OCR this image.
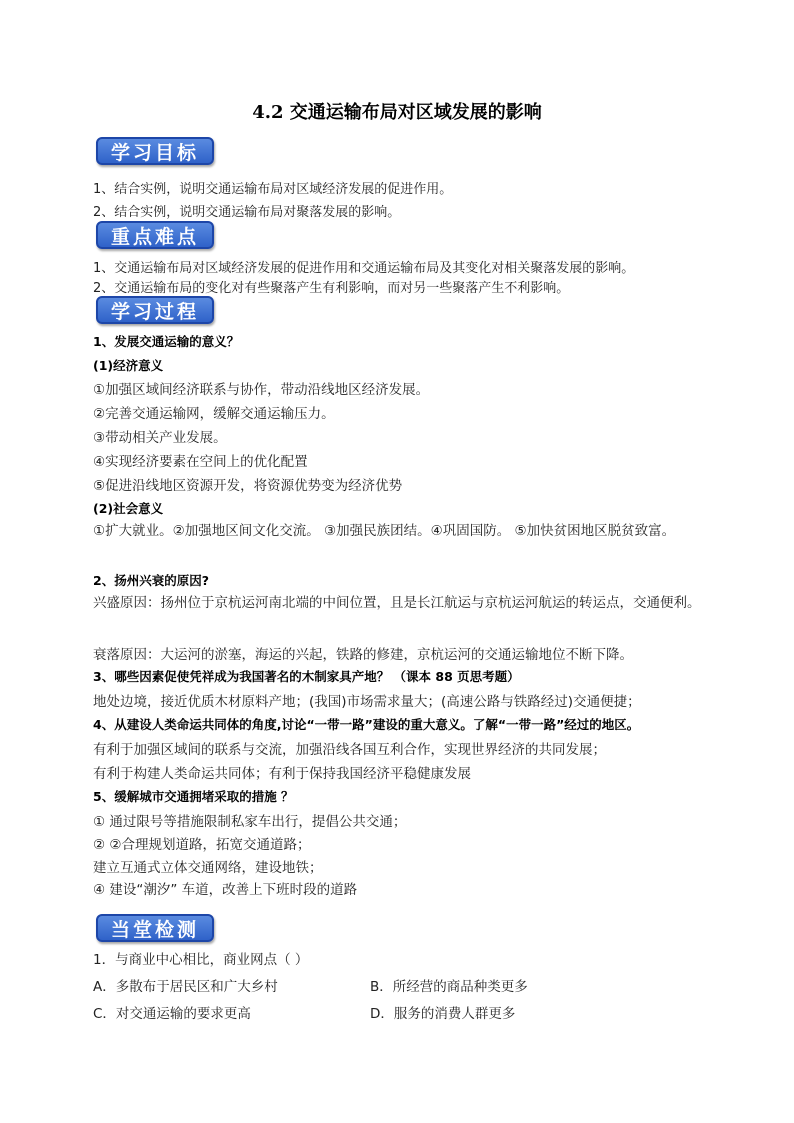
4.2 交通运输布局对区域发展的影响
学习目标
1、结合实例，说明交通运输布局对区域经济发展的促进作用。
2、结合实例，说明交通运输布局对聚落发展的影响。
重点难点
1、交通运输布局对区域经济发展的促进作用和交通运输布局及其变化对相关聚落发展的影响。
2、交通运输布局的变化对有些聚落产生有利影响，而对另一些聚落产生不利影响。
学习过程
1、发展交通运输的意义？
(1)经济意义
①加强区域间经济联系与协作，带动沿线地区经济发展。
②完善交通运输网，缓解交通运输压力。
③带动相关产业发展。
④实现经济要素在空间上的优化配置
⑤促进沿线地区资源开发，将资源优势变为经济优势
(2)社会意义
①扩大就业。②加强地区间文化交流。 ③加强民族团结。④巩固国防。 ⑤加快贫困地区脱贫致富。
2、扬州兴衰的原因?
兴盛原因：扬州位于京杭运河南北端的中间位置，且是长江航运与京杭运河航运的转运点，交通便利。
衰落原因：大运河的淤塞，海运的兴起，铁路的修建，京杭运河的交通运输地位不断下降。
3、哪些因素促使凭祥成为我国著名的木制家具产地？ （课本 88 页思考题）
地处边境，接近优质木材原料产地；(我国)市场需求量大；(高速公路与铁路经过)交通便捷；
4、从建设人类命运共同体的角度,讨论“一带一路”建设的重大意义。了解“一带一路”经过的地区。
有利于加强区域间的联系与交流，加强沿线各国互利合作，实现世界经济的共同发展；
有利于构建人类命运共同体；有利于保持我国经济平稳健康发展
5、缓解城市交通拥堵采取的措施 ？
① 通过限号等措施限制私家车出行，提倡公共交通；
② ②合理规划道路，拓宽交通道路；
建立互通式立体交通网络，建设地铁；
④ 建设“潮汐” 车道，改善上下班时段的道路
当堂检测
1．与商业中心相比，商业网点（ ）
A．多散布于居民区和广大乡村	B．所经营的商品种类更多
C．对交通运输的要求更高	D．服务的消费人群更多
